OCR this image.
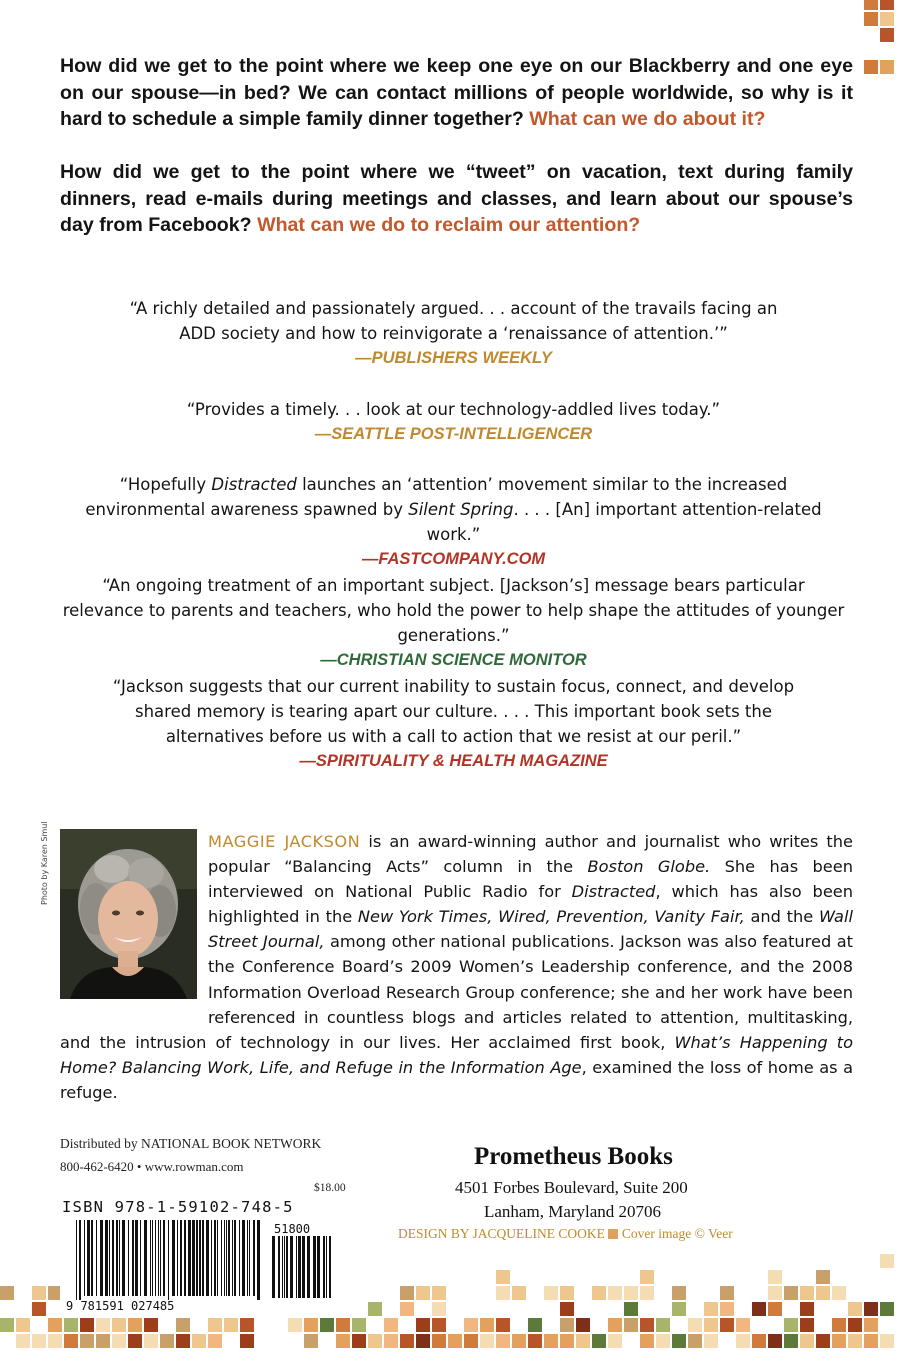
How did we get to the point where we keep one eye on our Blackberry and one eye on our spouse—in bed? We can contact millions of people worldwide, so why is it hard to schedule a simple family dinner together? What can we do about it?

How did we get to the point where we “tweet” on vacation, text during family dinners, read e-mails during meetings and classes, and learn about our spouse’s day from Facebook? What can we do to reclaim our attention?

“A richly detailed and passionately argued. . . account of the travails facing an ADD society and how to reinvigorate a ‘renaissance of attention.’”
—PUBLISHERS WEEKLY
“Provides a timely. . . look at our technology-addled lives today.”
—SEATTLE POST-INTELLIGENCER
“Hopefully Distracted launches an ‘attention’ movement similar to the increased environmental awareness spawned by Silent Spring. . . . [An] important attention-related work.”
—FASTCOMPANY.COM
“An ongoing treatment of an important subject. [Jackson’s] message bears particular relevance to parents and teachers, who hold the power to help shape the attitudes of younger generations.”
—CHRISTIAN SCIENCE MONITOR
“Jackson suggests that our current inability to sustain focus, connect, and develop shared memory is tearing apart our culture. . . . This important book sets the alternatives before us with a call to action that we resist at our peril.”
—SPIRITUALITY & HEALTH MAGAZINE
Photo by Karen Smul	MAGGIE JACKSON is an award-winning author and journalist who writes the popular “Balancing Acts” column in the Boston Globe. She has been interviewed on National Public Radio for Distracted, which has also been highlighted in the New York Times, Wired, Prevention, Vanity Fair, and the Wall Street Journal, among other national publications. Jackson was also featured at the Conference Board’s 2009 Women’s Leadership conference, and the 2008 Information Overload Research Group conference; she and her work have been referenced in countless blogs and articles related to attention, multitasking, and the intrusion of technology in our lives. Her acclaimed first book, What’s Happening to Home? Balancing Work, Life, and Refuge in the Information Age, examined the loss of home as a refuge.

Distributed by NATIONAL BOOK NETWORK
800-462-6420 • www.rowman.com
$18.00
ISBN 978-1-59102-748-5
9 781591 027485
51800
Prometheus Books
4501 Forbes Boulevard, Suite 200
Lanham, Maryland 20706
DESIGN BY JACQUELINE COOKE Cover image © Veer
